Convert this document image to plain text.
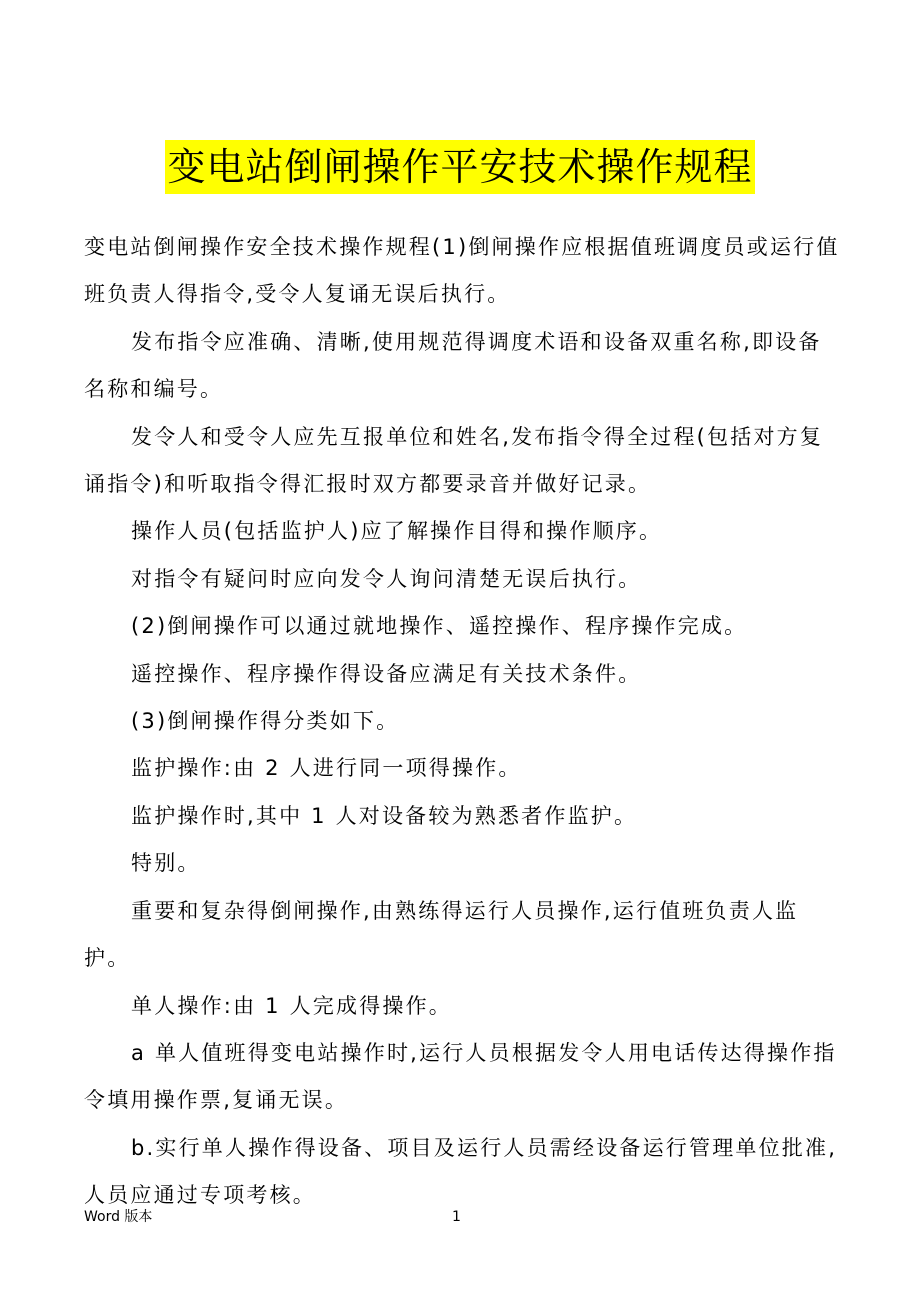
变电站倒闸操作平安技术操作规程

变电站倒闸操作安全技术操作规程(1)倒闸操作应根据值班调度员或运行值班负责人得指令,受令人复诵无误后执行。

发布指令应准确、清晰,使用规范得调度术语和设备双重名称,即设备名称和编号。

发令人和受令人应先互报单位和姓名,发布指令得全过程(包括对方复诵指令)和听取指令得汇报时双方都要录音并做好记录。

操作人员(包括监护人)应了解操作目得和操作顺序。

对指令有疑问时应向发令人询问清楚无误后执行。

(2)倒闸操作可以通过就地操作、遥控操作、程序操作完成。

遥控操作、程序操作得设备应满足有关技术条件。

(3)倒闸操作得分类如下。

监护操作:由 2 人进行同一项得操作。

监护操作时,其中 1 人对设备较为熟悉者作监护。

特别。

重要和复杂得倒闸操作,由熟练得运行人员操作,运行值班负责人监护。

单人操作:由 1 人完成得操作。

a 单人值班得变电站操作时,运行人员根据发令人用电话传达得操作指令填用操作票,复诵无误。

b.实行单人操作得设备、项目及运行人员需经设备运行管理单位批准,人员应通过专项考核。

Word 版本	1
